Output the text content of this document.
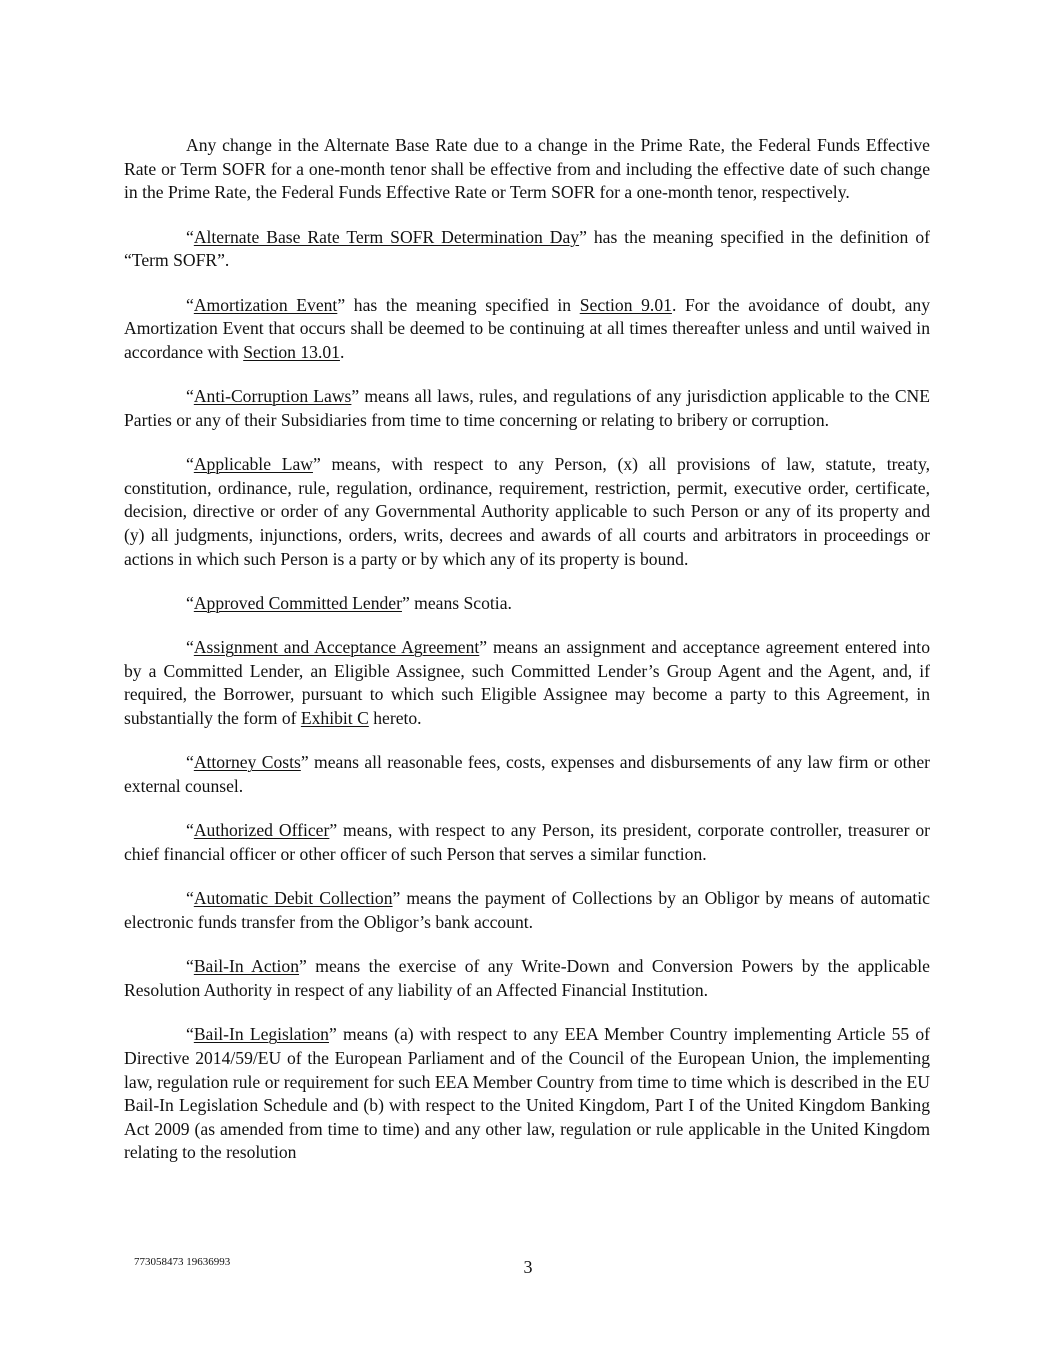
Any change in the Alternate Base Rate due to a change in the Prime Rate, the Federal Funds Effective Rate or Term SOFR for a one-month tenor shall be effective from and including the effective date of such change in the Prime Rate, the Federal Funds Effective Rate or Term SOFR for a one-month tenor, respectively.

“Alternate Base Rate Term SOFR Determination Day” has the meaning specified in the definition of “Term SOFR”.

“Amortization Event” has the meaning specified in Section 9.01. For the avoidance of doubt, any Amortization Event that occurs shall be deemed to be continuing at all times thereafter unless and until waived in accordance with Section 13.01.

“Anti-Corruption Laws” means all laws, rules, and regulations of any jurisdiction applicable to the CNE Parties or any of their Subsidiaries from time to time concerning or relating to bribery or corruption.

“Applicable Law” means, with respect to any Person, (x) all provisions of law, statute, treaty, constitution, ordinance, rule, regulation, ordinance, requirement, restriction, permit, executive order, certificate, decision, directive or order of any Governmental Authority applicable to such Person or any of its property and (y) all judgments, injunctions, orders, writs, decrees and awards of all courts and arbitrators in proceedings or actions in which such Person is a party or by which any of its property is bound.

“Approved Committed Lender” means Scotia.

“Assignment and Acceptance Agreement” means an assignment and acceptance agreement entered into by a Committed Lender, an Eligible Assignee, such Committed Lender’s Group Agent and the Agent, and, if required, the Borrower, pursuant to which such Eligible Assignee may become a party to this Agreement, in substantially the form of Exhibit C hereto.

“Attorney Costs” means all reasonable fees, costs, expenses and disbursements of any law firm or other external counsel.

“Authorized Officer” means, with respect to any Person, its president, corporate controller, treasurer or chief financial officer or other officer of such Person that serves a similar function.

“Automatic Debit Collection” means the payment of Collections by an Obligor by means of automatic electronic funds transfer from the Obligor’s bank account.

“Bail-In Action” means the exercise of any Write-Down and Conversion Powers by the applicable Resolution Authority in respect of any liability of an Affected Financial Institution.

“Bail-In Legislation” means (a) with respect to any EEA Member Country implementing Article 55 of Directive 2014/59/EU of the European Parliament and of the Council of the European Union, the implementing law, regulation rule or requirement for such EEA Member Country from time to time which is described in the EU Bail-In Legislation Schedule and (b) with respect to the United Kingdom, Part I of the United Kingdom Banking Act 2009 (as amended from time to time) and any other law, regulation or rule applicable in the United Kingdom relating to the resolution

773058473 19636993	3
